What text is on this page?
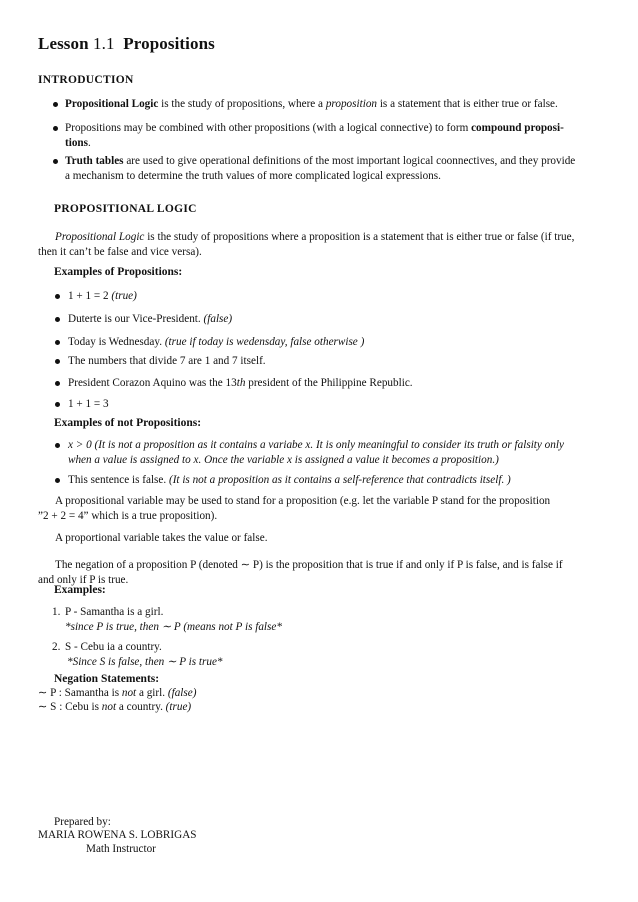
Lesson 1.1 Propositions
INTRODUCTION
Propositional Logic is the study of propositions, where a proposition is a statement that is either true or false.
Propositions may be combined with other propositions (with a logical connective) to form compound proposi-
tions.
Truth tables are used to give operational definitions of the most important logical coonnectives, and they provide
a mechanism to determine the truth values of more complicated logical expressions.
PROPOSITIONAL LOGIC
Propositional Logic is the study of propositions where a proposition is a statement that is either true or false (if true,
then it can’t be false and vice versa).
Examples of Propositions:
1 + 1 = 2 (true)
Duterte is our Vice-President. (false)
Today is Wednesday. (true if today is wedensday, false otherwise )
The numbers that divide 7 are 1 and 7 itself.
President Corazon Aquino was the 13th president of the Philippine Republic.
1 + 1 = 3
Examples of not Propositions:
x > 0 (It is not a proposition as it contains a variabe x. It is only meaningful to consider its truth or falsity only
when a value is assigned to x. Once the variable x is assigned a value it becomes a proposition.)
This sentence is false. (It is not a proposition as it contains a self-reference that contradicts itself. )
A propositional variable may be used to stand for a proposition (e.g. let the variable P stand for the proposition
”2 + 2 = 4” which is a true proposition).
A proportional variable takes the value or false.
The negation of a proposition P (denoted ∼ P) is the proposition that is true if and only if P is false, and is false if
and only if P is true.
Examples:
1. P - Samantha is a girl.
*since P is true, then ∼ P (means not P is false*
2. S - Cebu ia a country.
*Since S is false, then ∼ P is true*
Negation Statements:
∼ P : Samantha is not a girl. (false)
∼ S : Cebu is not a country. (true)
Prepared by:
MARIA ROWENA S. LOBRIGAS
Math Instructor
